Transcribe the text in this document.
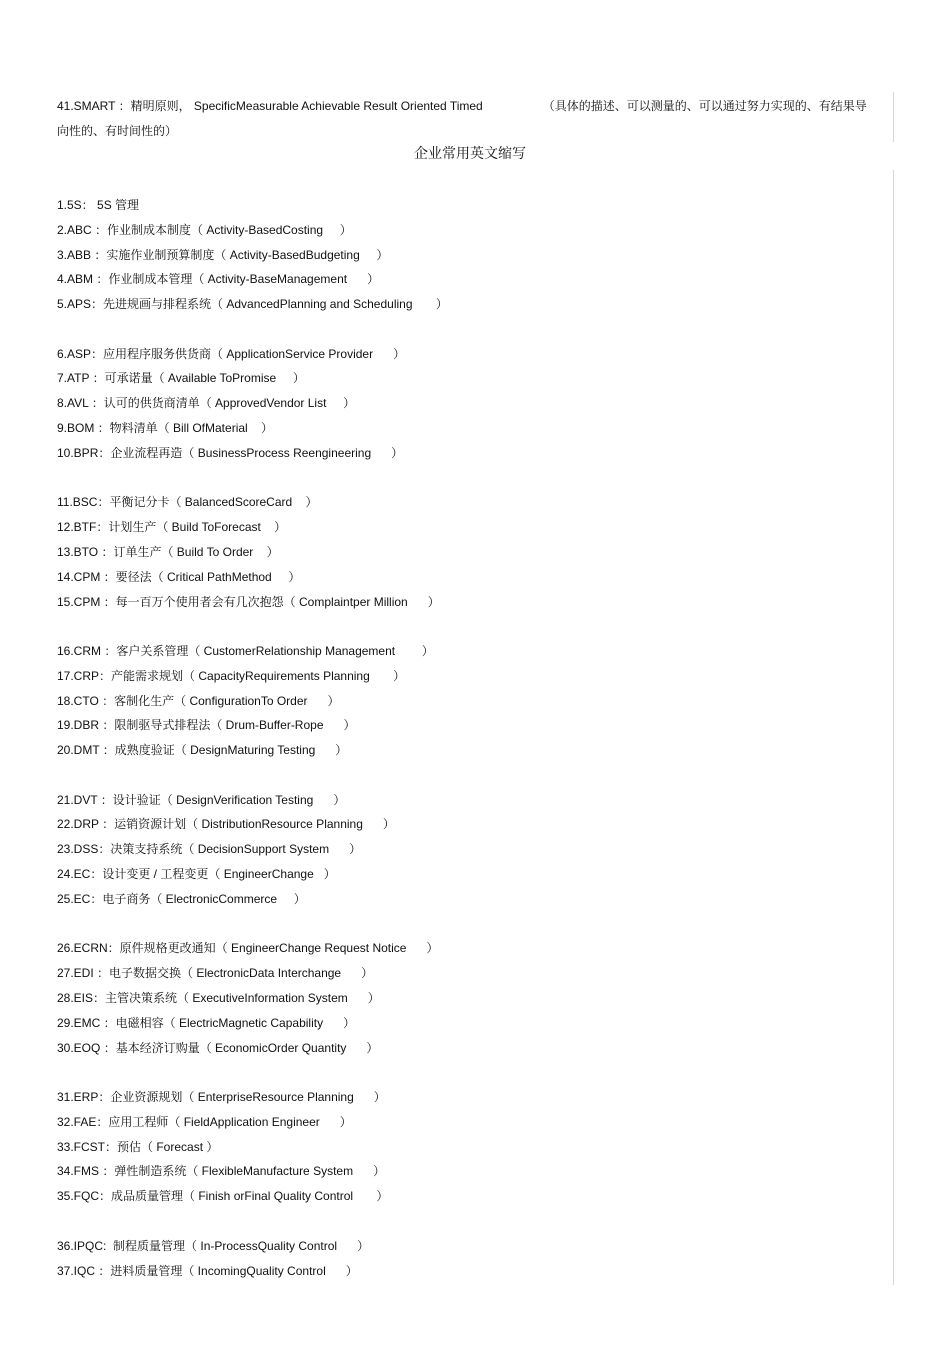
41.SMART ：精明原则， SpecificMeasurable Achievable Result Oriented Timed	（具体的描述、可以测量的、可以通过努力实现的、有结果导
向性的、有时间性的）
企业常用英文缩写
1.5S： 5S 管理
2.ABC ：作业制成本制度（ Activity-BasedCosting     ）
3.ABB ：实施作业制预算制度（ Activity-BasedBudgeting     ）
4.ABM ：作业制成本管理（ Activity-BaseManagement      ）
5.APS：先进规画与排程系统（ AdvancedPlanning and Scheduling       ）
6.ASP：应用程序服务供货商（ ApplicationService Provider      ）
7.ATP ：可承诺量（ Available ToPromise     ）
8.AVL ：认可的供货商清单（ ApprovedVendor List     ）
9.BOM ：物料清单（ Bill OfMaterial    ）
10.BPR：企业流程再造（ BusinessProcess Reengineering      ）
11.BSC：平衡记分卡（ BalancedScoreCard    ）
12.BTF：计划生产（ Build ToForecast    ）
13.BTO ：订单生产（ Build To Order    ）
14.CPM ：要径法（ Critical PathMethod     ）
15.CPM ：每一百万个使用者会有几次抱怨（ Complaintper Million      ）
16.CRM ：客户关系管理（ CustomerRelationship Management        ）
17.CRP：产能需求规划（ CapacityRequirements Planning       ）
18.CTO ：客制化生产（ ConfigurationTo Order      ）
19.DBR ：限制驱导式排程法（ Drum-Buffer-Rope      ）
20.DMT ：成熟度验证（ DesignMaturing Testing      ）
21.DVT ：设计验证（ DesignVerification Testing      ）
22.DRP ：运销资源计划（ DistributionResource Planning      ）
23.DSS：决策支持系统（ DecisionSupport System      ）
24.EC：设计变更 / 工程变更（ EngineerChange   ）
25.EC：电子商务（ ElectronicCommerce     ）
26.ECRN：原件规格更改通知（ EngineerChange Request Notice      ）
27.EDI ：电子数据交换（ ElectronicData Interchange      ）
28.EIS：主管决策系统（ ExecutiveInformation System      ）
29.EMC ：电磁相容（ ElectricMagnetic Capability      ）
30.EOQ ：基本经济订购量（ EconomicOrder Quantity      ）
31.ERP：企业资源规划（ EnterpriseResource Planning      ）
32.FAE：应用工程师（ FieldApplication Engineer      ）
33.FCST：预估（ Forecast ）
34.FMS ：弹性制造系统（ FlexibleManufacture System      ）
35.FQC：成品质量管理（ Finish orFinal Quality Control       ）
36.IPQC:  制程质量管理（ In-ProcessQuality Control      ）
37.IQC ：进料质量管理（ IncomingQuality Control      ）
